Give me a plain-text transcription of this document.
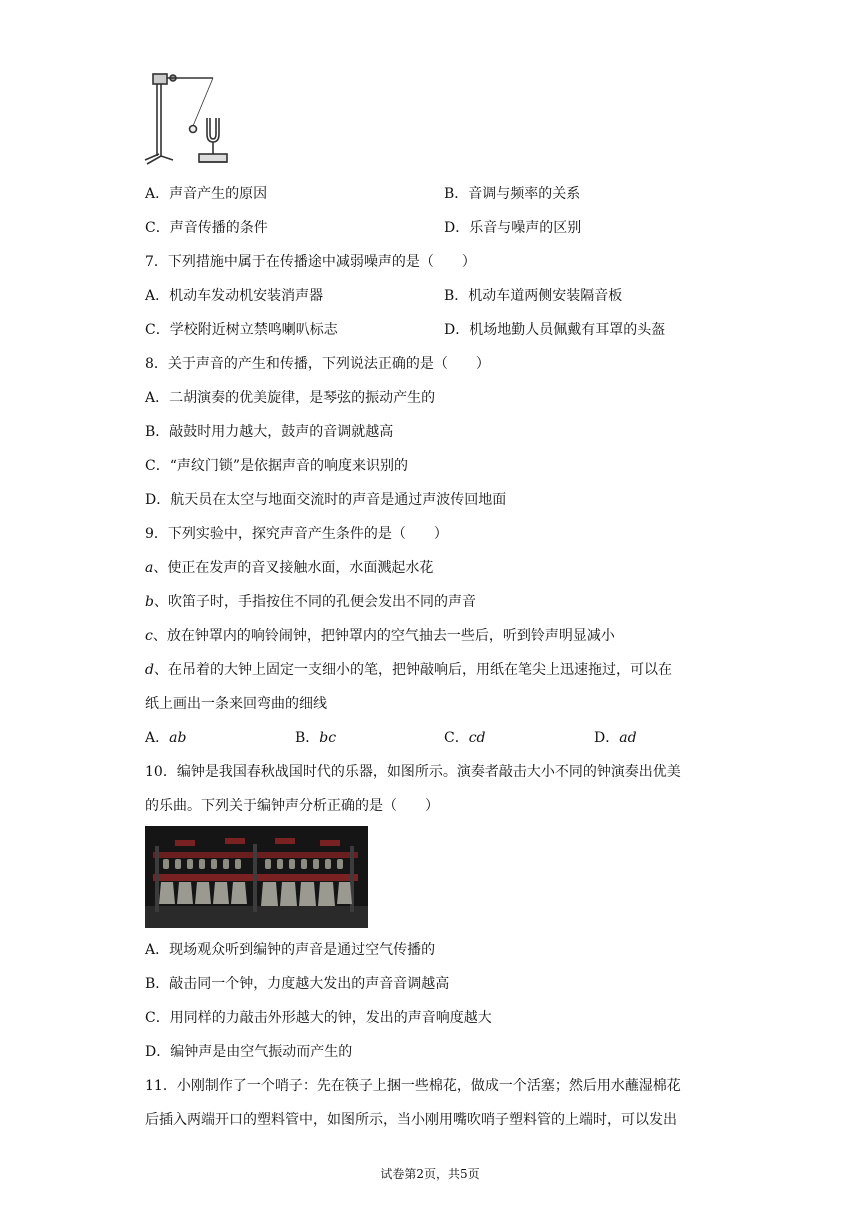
A．声音产生的原因	B．音调与频率的关系
C．声音传播的条件	D．乐音与噪声的区别
7．下列措施中属于在传播途中减弱噪声的是（　　）
A．机动车发动机安装消声器	B．机动车道两侧安装隔音板
C．学校附近树立禁鸣喇叭标志	D．机场地勤人员佩戴有耳罩的头盔
8．关于声音的产生和传播，下列说法正确的是（　　）
A．二胡演奏的优美旋律，是琴弦的振动产生的
B．敲鼓时用力越大，鼓声的音调就越高
C．“声纹门锁”是依据声音的响度来识别的
D．航天员在太空与地面交流时的声音是通过声波传回地面
9．下列实验中，探究声音产生条件的是（　　）
a、使正在发声的音叉接触水面，水面溅起水花
b、吹笛子时，手指按住不同的孔便会发出不同的声音
c、放在钟罩内的响铃闹钟，把钟罩内的空气抽去一些后，听到铃声明显减小
d、在吊着的大钟上固定一支细小的笔，把钟敲响后，用纸在笔尖上迅速拖过，可以在
纸上画出一条来回弯曲的细线
A．ab	B．bc	C．cd	D．ad
10．编钟是我国春秋战国时代的乐器，如图所示。演奏者敲击大小不同的钟演奏出优美
的乐曲。下列关于编钟声分析正确的是（　　）
A．现场观众听到编钟的声音是通过空气传播的
B．敲击同一个钟，力度越大发出的声音音调越高
C．用同样的力敲击外形越大的钟，发出的声音响度越大
D．编钟声是由空气振动而产生的
11．小刚制作了一个哨子：先在筷子上捆一些棉花，做成一个活塞；然后用水蘸湿棉花
后插入两端开口的塑料管中，如图所示，当小刚用嘴吹哨子塑料管的上端时，可以发出
试卷第2页，共5页
